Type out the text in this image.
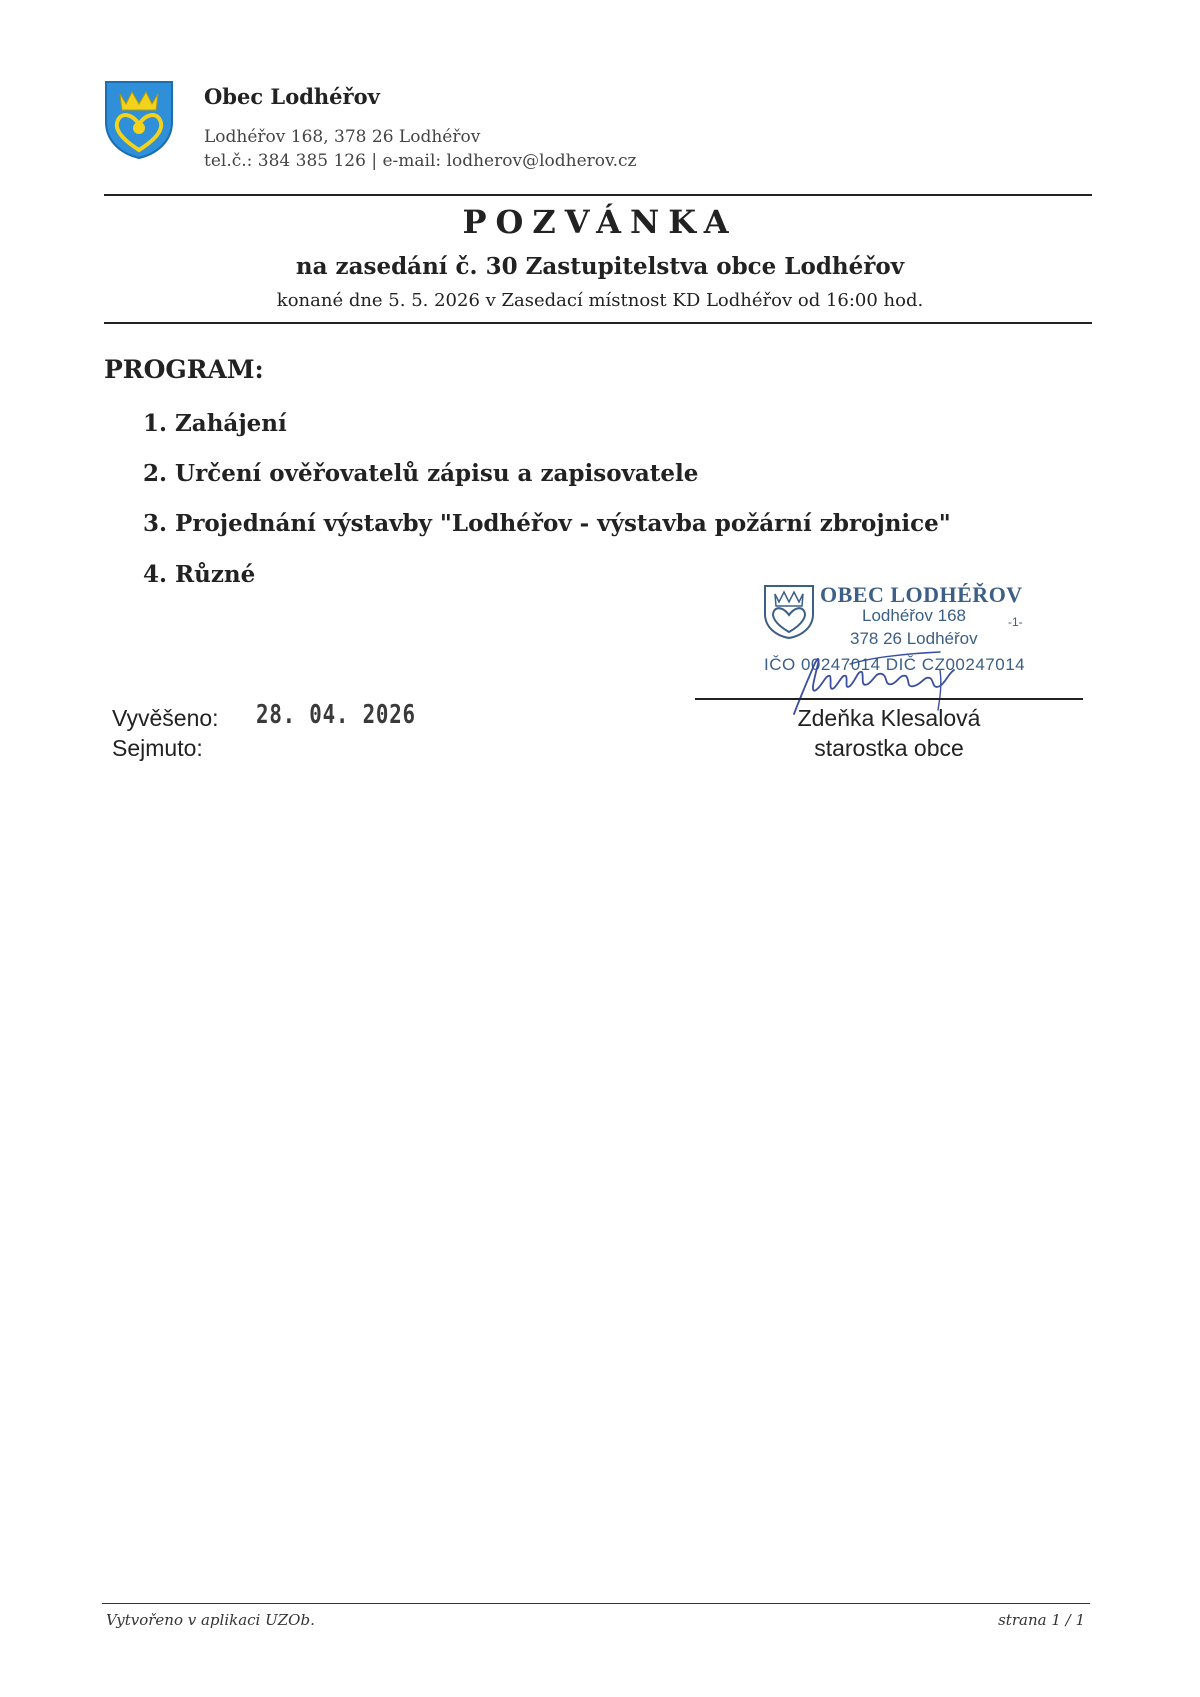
Obec Lodhéřov
Lodhéřov 168, 378 26 Lodhéřov
tel.č.: 384 385 126 | e-mail: lodherov@lodherov.cz
POZVÁNKA
na zasedání č. 30 Zastupitelstva obce Lodhéřov
konané dne 5. 5. 2026 v Zasedací místnost KD Lodhéřov od 16:00 hod.
PROGRAM:
1. Zahájení
2. Určení ověřovatelů zápisu a zapisovatele
3. Projednání výstavby "Lodhéřov - výstavba požární zbrojnice"
4. Různé
OBEC LODHÉŘOV
Lodhéřov 168	-1-
378 26 Lodhéřov
IČO 00247014 DIČ CZ00247014
Zdeňka Klesalová
starostka obce
Vyvěšeno: 28. 04. 2026
Sejmuto:
Vytvořeno v aplikaci UZOb.	strana 1 / 1
